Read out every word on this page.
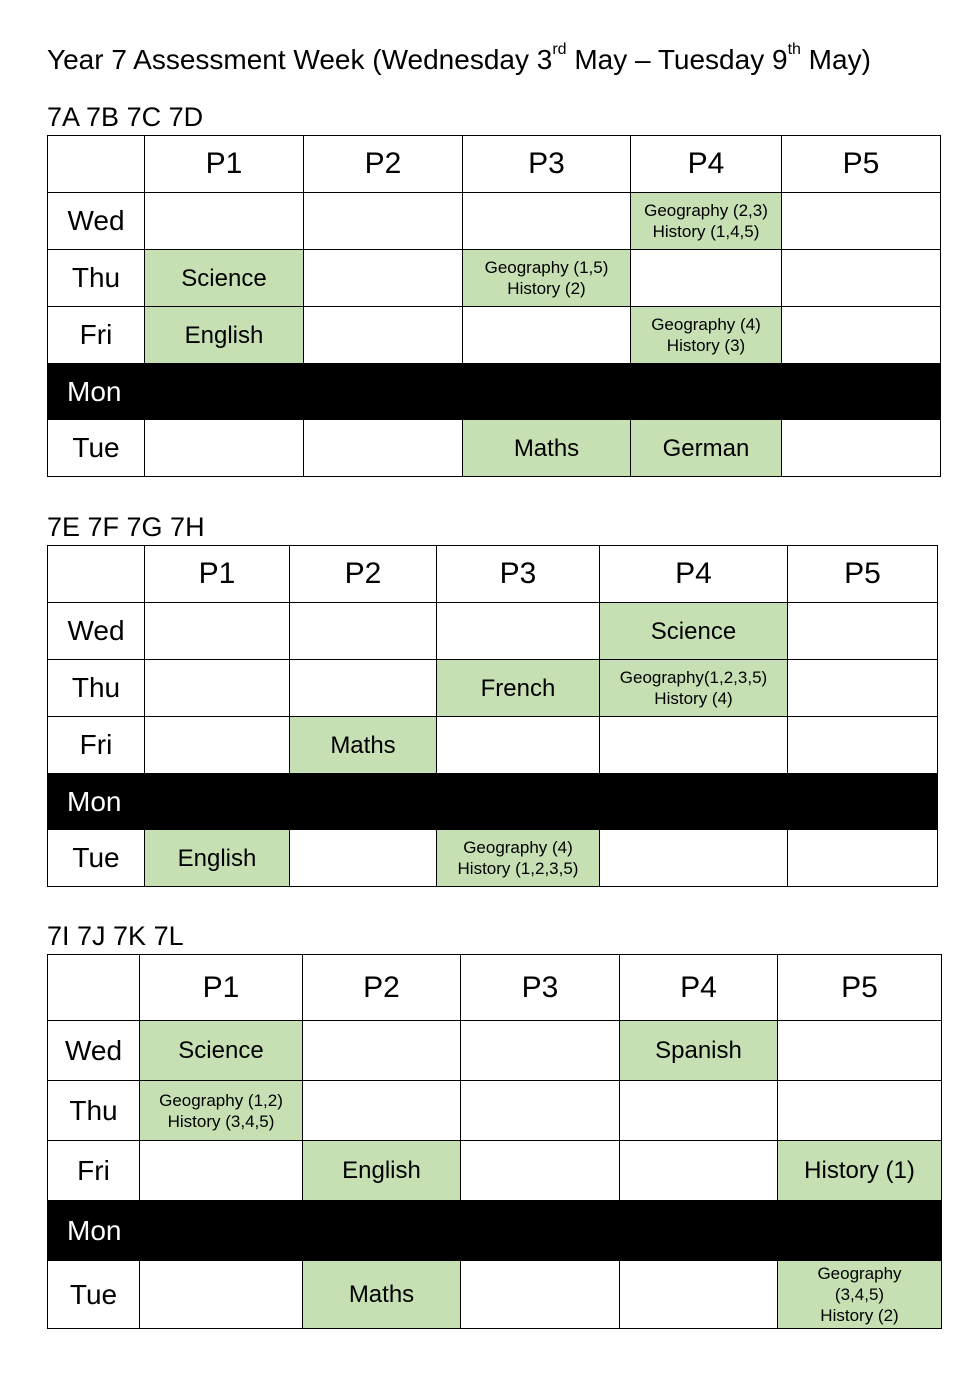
Year 7 Assessment Week (Wednesday 3rd May – Tuesday 9th May)
7A 7B 7C 7D
	P1	P2	P3	P4	P5
Wed				Geography (2,3)
History (1,4,5)	

Thu	Science		Geography (1,5)
History (2)		

Fri	English			Geography (4)
History (3)	

Mon					
Tue			Maths	German	
7E 7F 7G 7H
	P1	P2	P3	P4	P5
Wed				Science	
Thu			French	Geography(1,2,3,5)
History (4)	

Fri		Maths			
Mon					
Tue	English		Geography (4)
History (1,2,3,5)		

7I 7J 7K 7L
	P1	P2	P3	P4	P5
Wed	Science			Spanish	
Thu	Geography (1,2)
History (3,4,5)				

Fri		English			History (1)
Mon					
Tue		Maths			Geography
(3,4,5)
History (2)
